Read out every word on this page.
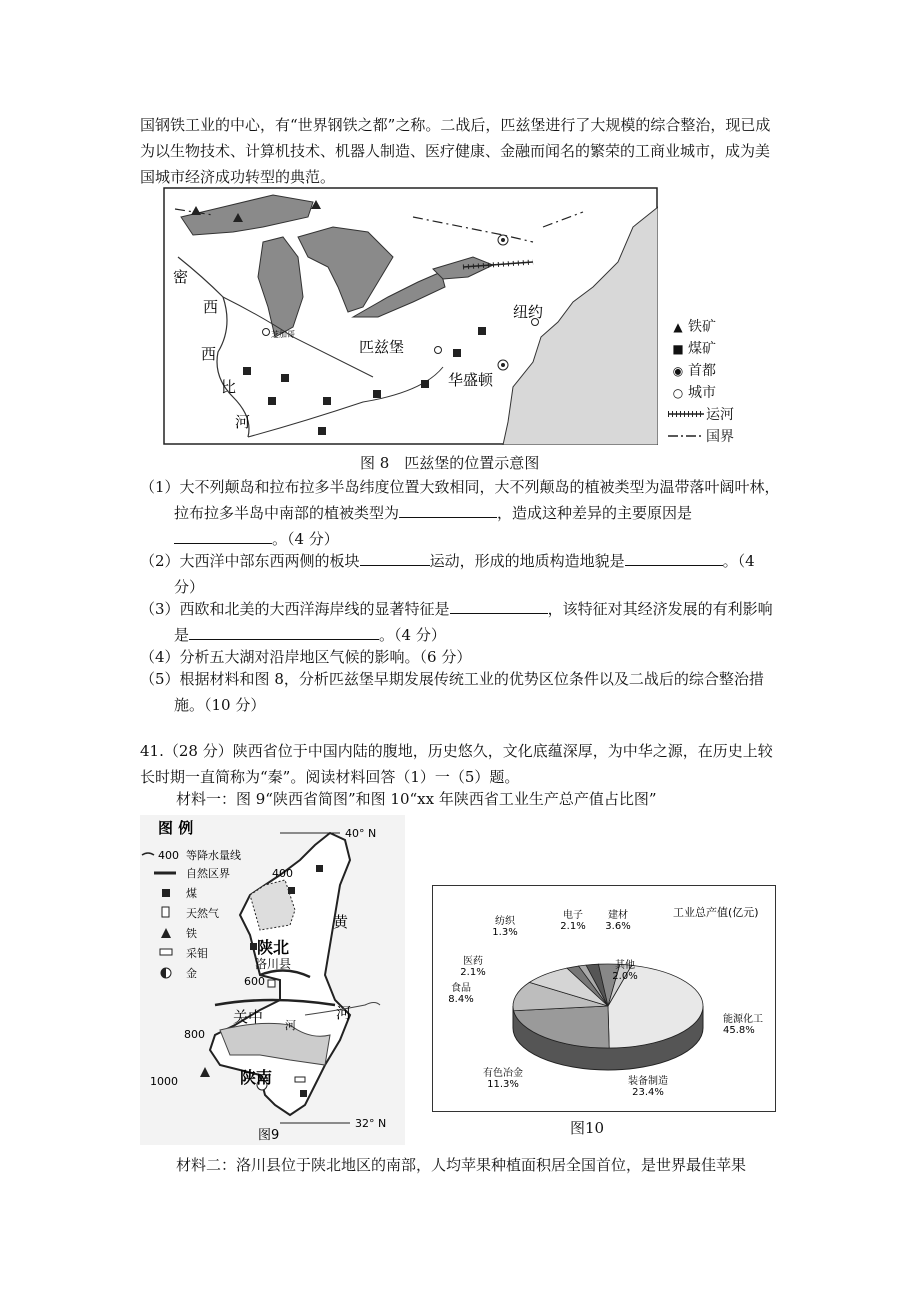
国钢铁工业的中心，有“世界钢铁之都”之称。二战后，匹兹堡进行了大规模的综合整治，现已成为以生物技术、计算机技术、机器人制造、医疗健康、金融而闻名的繁荣的工商业城市，成为美国城市经济成功转型的典范。
密
西
西
比
河
芝加哥
匹兹堡
纽约
华盛顿
▲ 铁矿
■ 煤矿
◉ 首都
○ 城市
运河
国界
图 8　匹兹堡的位置示意图
（1）大不列颠岛和拉布拉多半岛纬度位置大致相同，大不列颠岛的植被类型为温带落叶阔叶林，拉布拉多半岛中南部的植被类型为	，造成这种差异的主要原因是。（4 分）
（2）大西洋中部东西两侧的板块	运动，形成的地质构造地貌是	。（4 分）
（3）西欧和北美的大西洋海岸线的显著特征是	，该特征对其经济发展的有利影响是	。（4 分）
（4）分析五大湖对沿岸地区气候的影响。（6 分）
（5）根据材料和图 8，分析匹兹堡早期发展传统工业的优势区位条件以及二战后的综合整治措施。（10 分）
41.（28 分）陕西省位于中国内陆的腹地，历史悠久，文化底蕴深厚，为中华之源，在历史上较长时期一直简称为“秦”。阅读材料回答（1）一（5）题。
材料一：图 9“陕西省简图”和图 10“xx 年陕西省工业生产总产值占比图”
图 例
400 等降水量线
自然区界
煤
天然气
铁
采钼
金
40° N
32° N
陕北
洛川县
关中
陕南
黄
河
河
400
600
800
1000
图9
能源化工
45.8%
装备制造
23.4%
有色冶金
11.3%
食品
8.4%
医药
2.1%
纺织
1.3%
电子
2.1%
建材
3.6%
其他
2.0%
工业总产值(亿元)
图10
材料二：洛川县位于陕北地区的南部，人均苹果种植面积居全国首位，是世界最佳苹果
